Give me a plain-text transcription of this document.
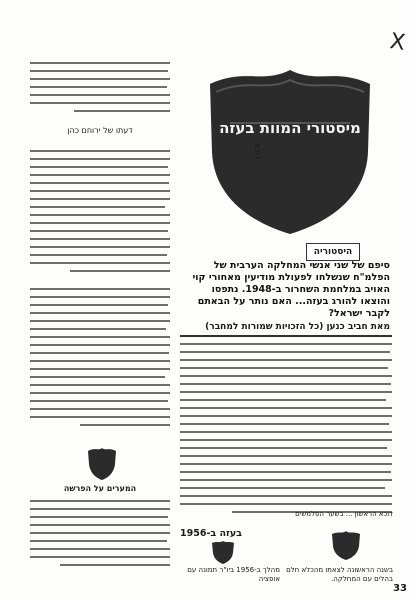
X
מיסטורי המוות בעזה
דוכא
היסטוריה
סיפם של שני אנשי המחלקה הערבית של הפלמ"ח שנשלחו לפעולת מודיעין מאחורי קוי האויב במלחמת השחרור ב-1948. נתפסו והוצאו להורג בעזה... האם נותר על הבאתם לקבר ישראל?
מאת חביב כנען (כל הזכויות שמורות למחבר)
דעתו של ירוחם כהן
המערים על הפרשה
דוכא הראשון ... בשער הפלמשים
בעזה ב-1956
בשנה הראשונה לצאתו מהכלא חלם בהלים עם המחלקה.
מהלך ב-1956 ביו"ר תמונה עם אופציה
33
